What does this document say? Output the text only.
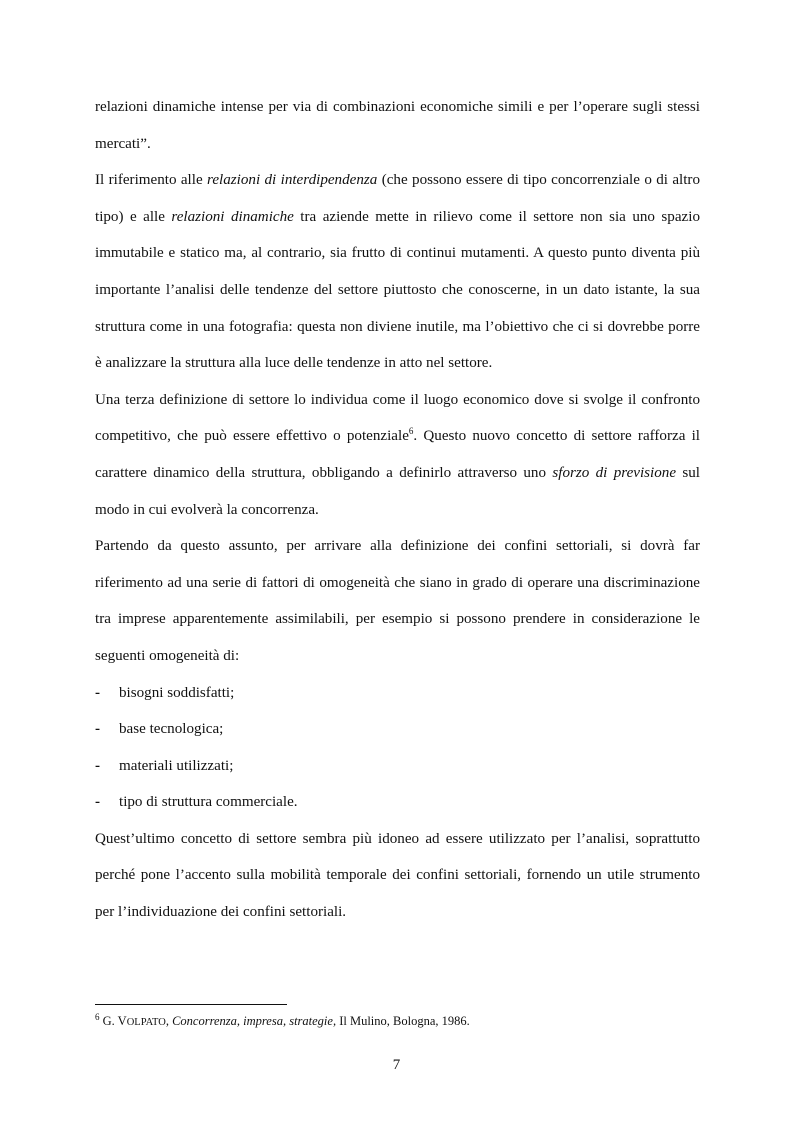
relazioni dinamiche intense per via di combinazioni economiche simili e per l’operare sugli stessi mercati”.

Il riferimento alle relazioni di interdipendenza (che possono essere di tipo concorrenziale o di altro tipo) e alle relazioni dinamiche tra aziende mette in rilievo come il settore non sia uno spazio immutabile e statico ma, al contrario, sia frutto di continui mutamenti. A questo punto diventa più importante l’analisi delle tendenze del settore piuttosto che conoscerne, in un dato istante, la sua struttura come in una fotografia: questa non diviene inutile, ma l’obiettivo che ci si dovrebbe porre è analizzare la struttura alla luce delle tendenze in atto nel settore.

Una terza definizione di settore lo individua come il luogo economico dove si svolge il confronto competitivo, che può essere effettivo o potenziale$^6$. Questo nuovo concetto di settore rafforza il carattere dinamico della struttura, obbligando a definirlo attraverso uno sforzo di previsione sul modo in cui evolverà la concorrenza.

Partendo da questo assunto, per arrivare alla definizione dei confini settoriali, si dovrà far riferimento ad una serie di fattori di omogeneità che siano in grado di operare una discriminazione tra imprese apparentemente assimilabili, per esempio si possono prendere in considerazione le seguenti omogeneità di:

- bisogni soddisfatti;
- base tecnologica;
- materiali utilizzati;
- tipo di struttura commerciale.

Quest’ultimo concetto di settore sembra più idoneo ad essere utilizzato per l’analisi, soprattutto perché pone l’accento sulla mobilità temporale dei confini settoriali, fornendo un utile strumento per l’individuazione dei confini settoriali.

$^6$ G. VOLPATO, Concorrenza, impresa, strategie, Il Mulino, Bologna, 1986.
7
